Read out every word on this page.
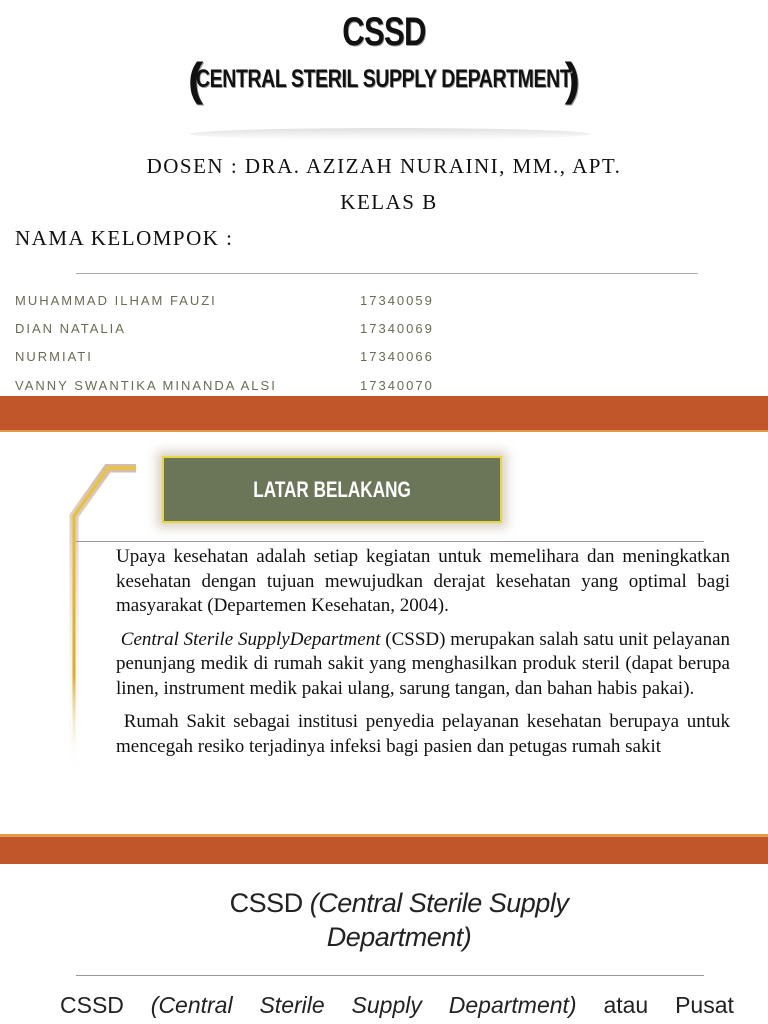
CSSD
(CENTRAL STERIL SUPPLY DEPARTMENT)
DOSEN : DRA. AZIZAH NURAINI, MM., APT.
KELAS B
NAMA KELOMPOK :
MUHAMMAD ILHAM FAUZI	17340059
DIAN NATALIA	17340069
NURMIATI	17340066
VANNY SWANTIKA MINANDA ALSI	17340070
LATAR BELAKANG

Upaya kesehatan adalah setiap kegiatan untuk memelihara dan meningkatkan kesehatan dengan tujuan mewujudkan derajat kesehatan yang optimal bagi masyarakat (Departemen Kesehatan, 2004).

Central Sterile SupplyDepartment (CSSD) merupakan salah satu unit pelayanan penunjang medik di rumah sakit yang menghasilkan produk steril (dapat berupa linen, instrument medik pakai ulang, sarung tangan, dan bahan habis pakai).

Rumah Sakit sebagai institusi penyedia pelayanan kesehatan berupaya untuk mencegah resiko terjadinya infeksi bagi pasien dan petugas rumah sakit

CSSD (Central Sterile Supply
Department)
CSSD (Central Sterile Supply Department) atau Pusat
